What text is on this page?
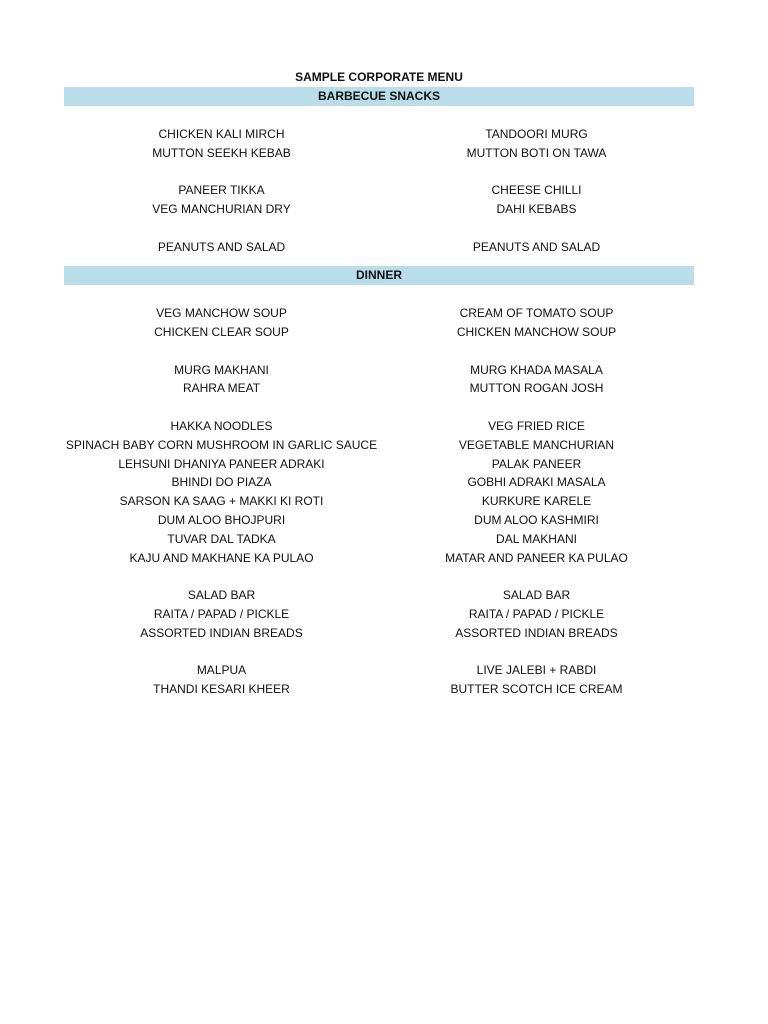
SAMPLE CORPORATE MENU
BARBECUE SNACKS
CHICKEN KALI MIRCH	TANDOORI MURG
MUTTON SEEKH KEBAB	MUTTON BOTI ON TAWA
PANEER TIKKA	CHEESE CHILLI
VEG MANCHURIAN DRY	DAHI KEBABS
PEANUTS AND SALAD	PEANUTS AND SALAD
DINNER
VEG MANCHOW SOUP	CREAM OF TOMATO SOUP
CHICKEN CLEAR SOUP	CHICKEN MANCHOW SOUP
MURG MAKHANI	MURG KHADA MASALA
RAHRA MEAT	MUTTON ROGAN JOSH
HAKKA NOODLES	VEG FRIED RICE
SPINACH BABY CORN MUSHROOM IN GARLIC SAUCE	VEGETABLE MANCHURIAN
LEHSUNI DHANIYA PANEER ADRAKI	PALAK PANEER
BHINDI DO PIAZA	GOBHI ADRAKI MASALA
SARSON KA SAAG + MAKKI KI ROTI	KURKURE KARELE
DUM ALOO BHOJPURI	DUM ALOO KASHMIRI
TUVAR DAL TADKA	DAL MAKHANI
KAJU AND MAKHANE KA PULAO	MATAR AND PANEER KA PULAO
SALAD BAR	SALAD BAR
RAITA / PAPAD / PICKLE	RAITA / PAPAD / PICKLE
ASSORTED INDIAN BREADS	ASSORTED INDIAN BREADS
MALPUA	LIVE JALEBI + RABDI
THANDI KESARI KHEER	BUTTER SCOTCH ICE CREAM
